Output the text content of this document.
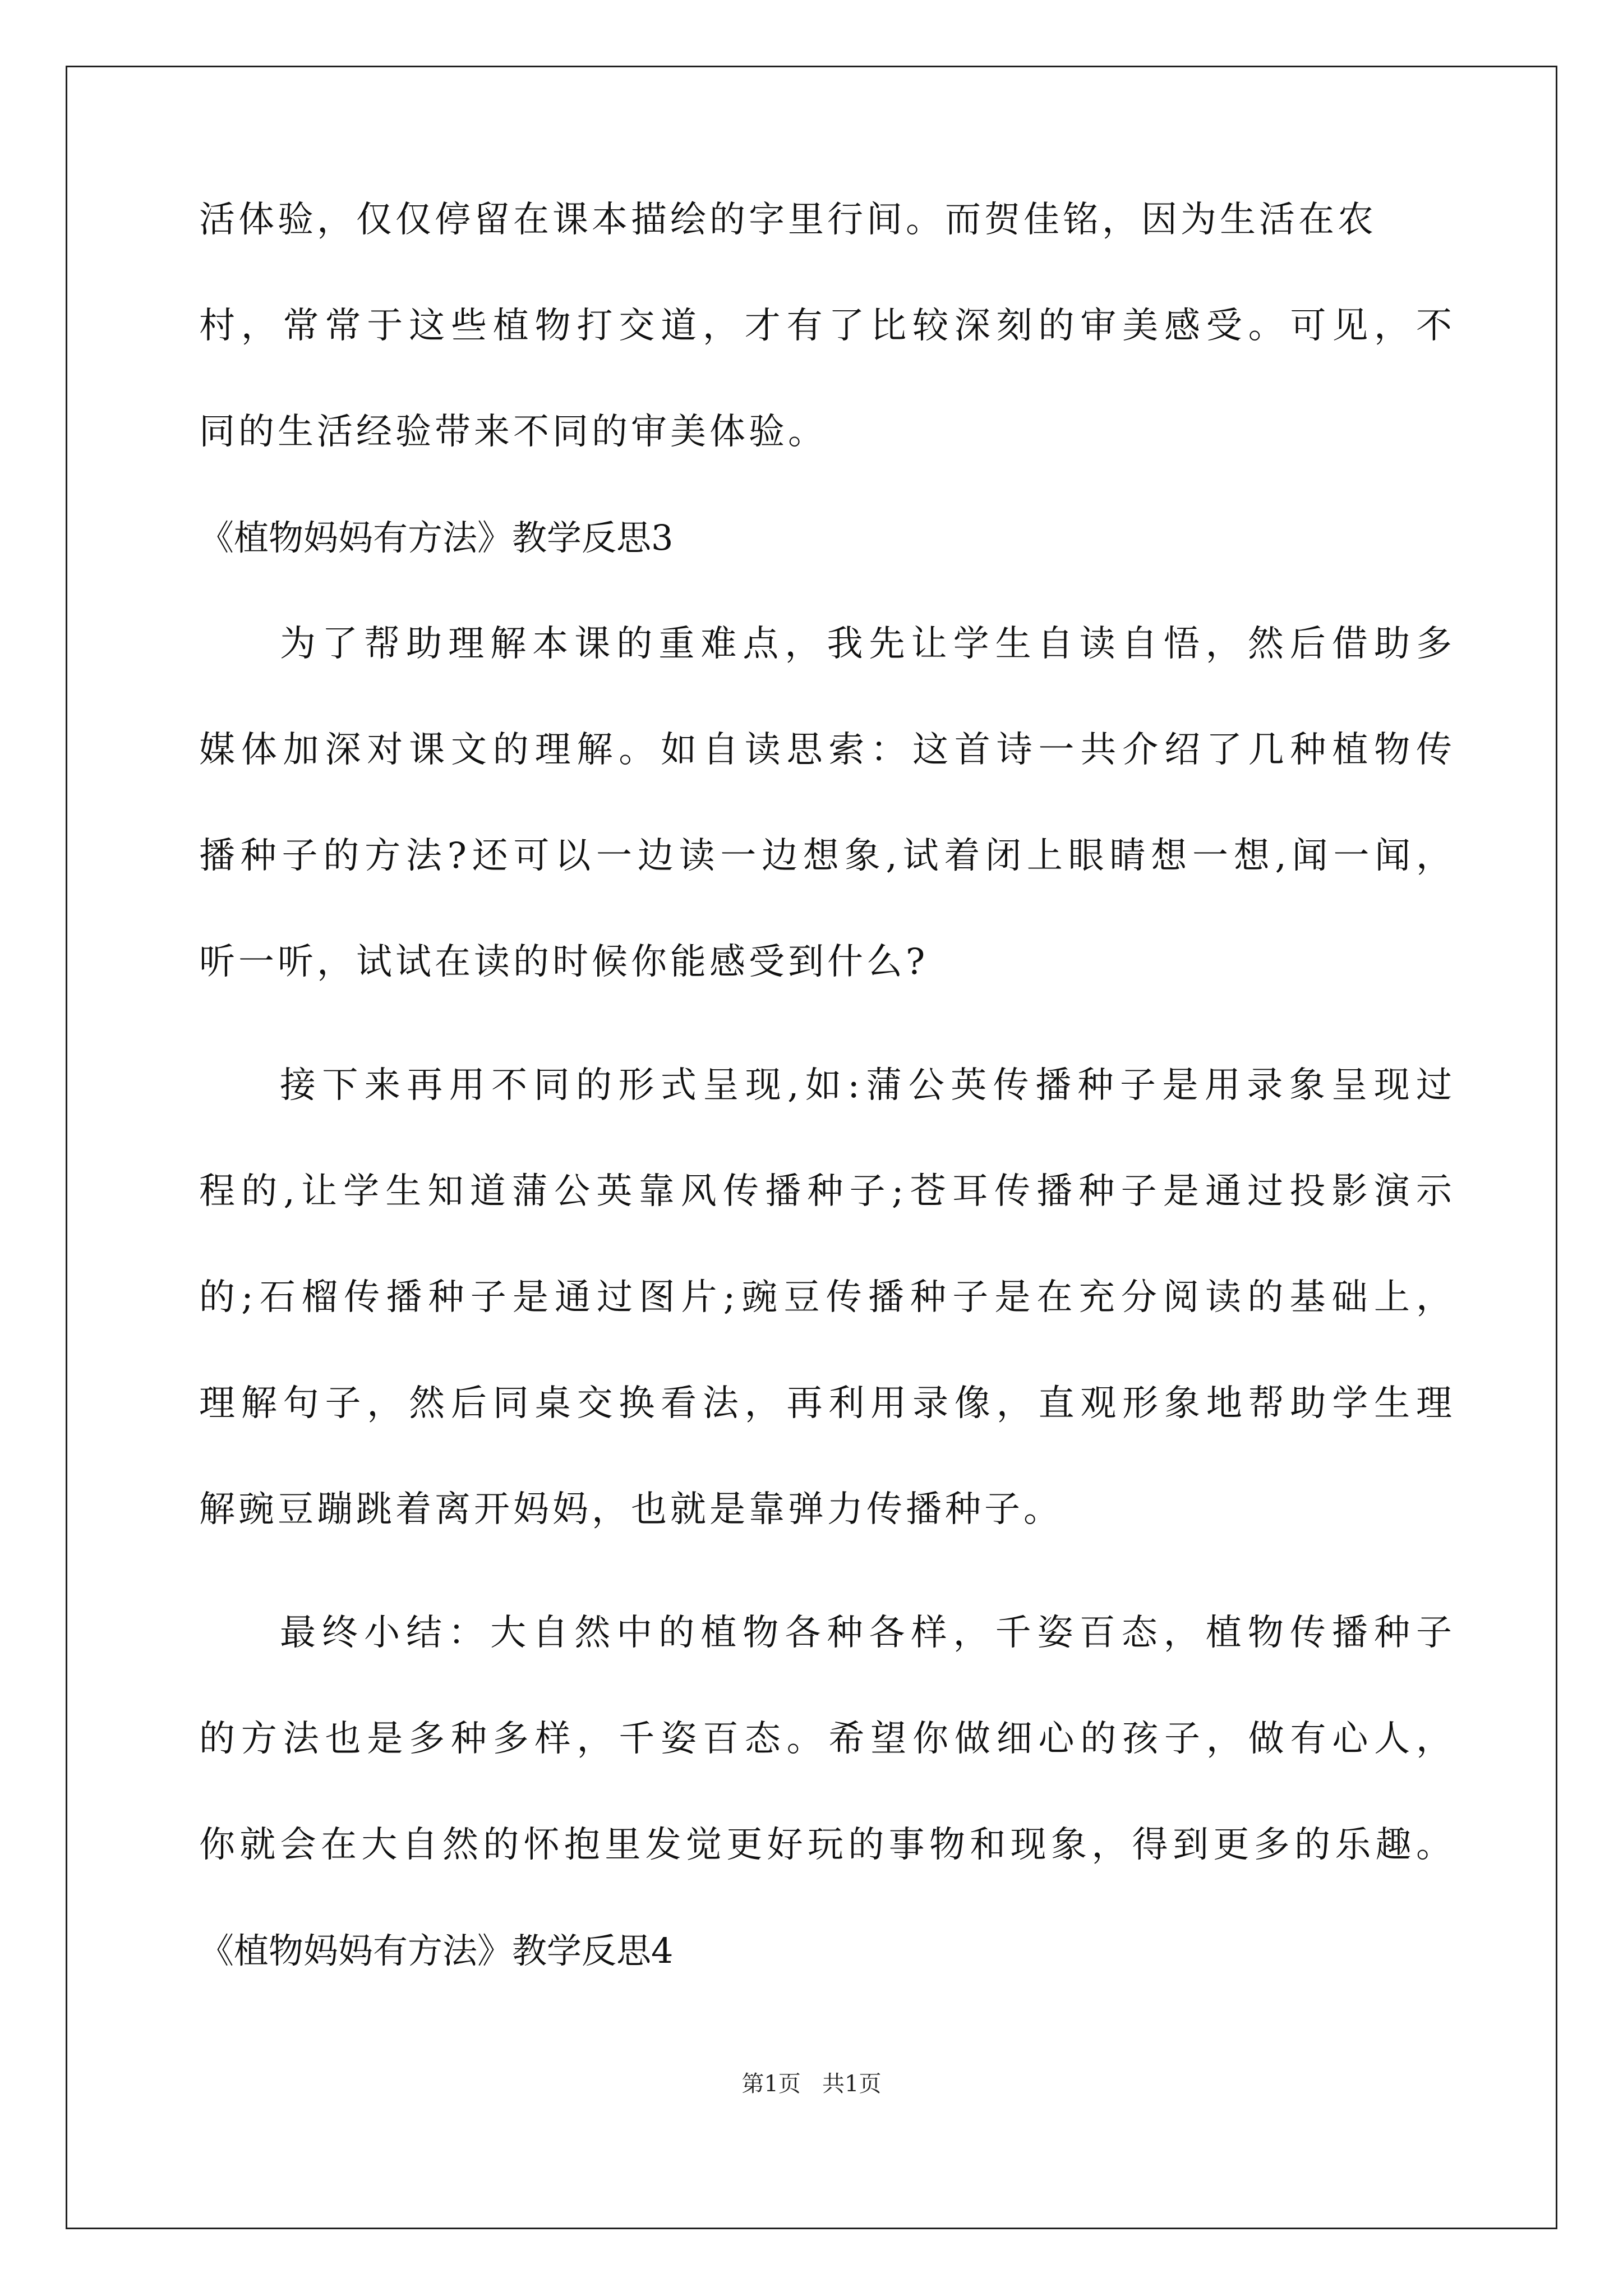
活体验，仅仅停留在课本描绘的字里行间。而贺佳铭，因为生活在农

村，常常于这些植物打交道，才有了比较深刻的审美感受。可见，不

同的生活经验带来不同的审美体验。

《植物妈妈有方法》教学反思3

为了帮助理解本课的重难点，我先让学生自读自悟，然后借助多

媒体加深对课文的理解。如自读思索：这首诗一共介绍了几种植物传

播种子的方法?还可以一边读一边想象,试着闭上眼睛想一想,闻一闻，

听一听，试试在读的时候你能感受到什么?

接下来再用不同的形式呈现,如:蒲公英传播种子是用录象呈现过

程的,让学生知道蒲公英靠风传播种子;苍耳传播种子是通过投影演示

的;石榴传播种子是通过图片;豌豆传播种子是在充分阅读的基础上，

理解句子，然后同桌交换看法，再利用录像，直观形象地帮助学生理

解豌豆蹦跳着离开妈妈，也就是靠弹力传播种子。

最终小结：大自然中的植物各种各样，千姿百态，植物传播种子

的方法也是多种多样，千姿百态。希望你做细心的孩子，做有心人，

你就会在大自然的怀抱里发觉更好玩的事物和现象，得到更多的乐趣。

《植物妈妈有方法》教学反思4

第1页   共1页
